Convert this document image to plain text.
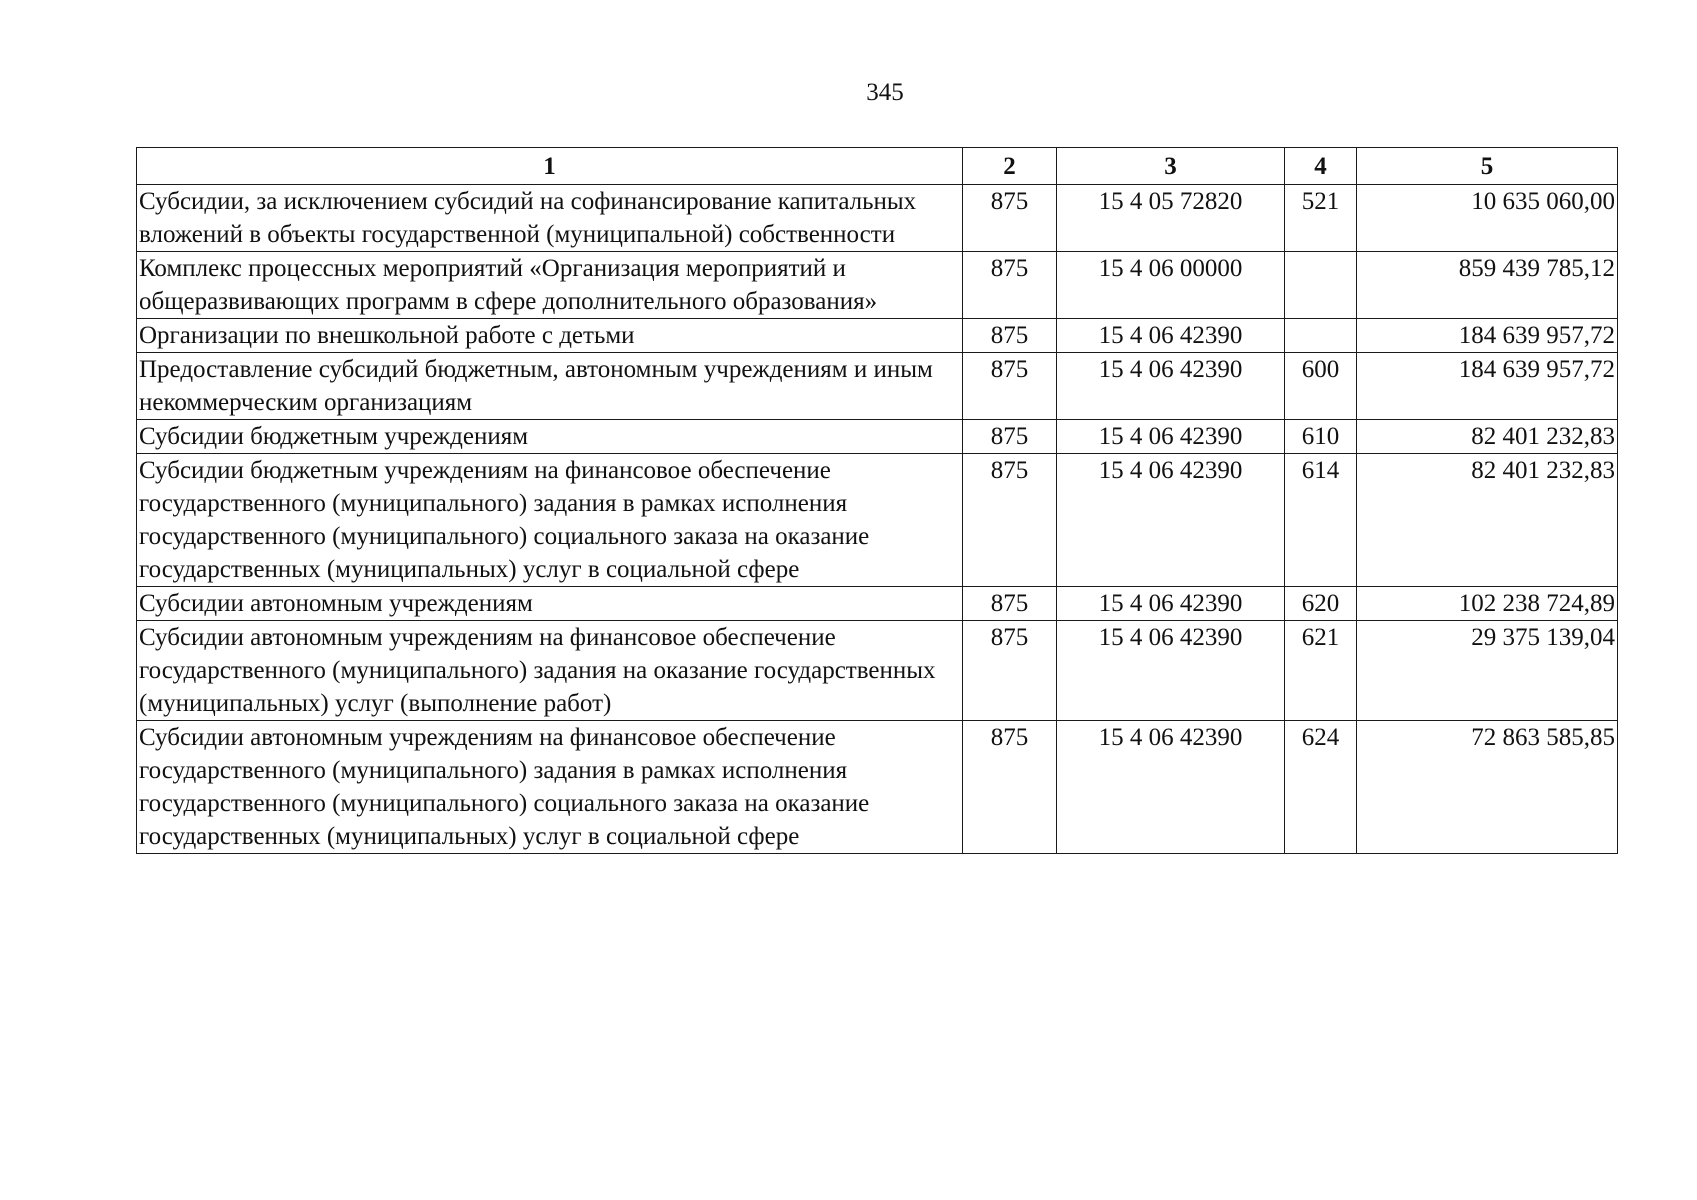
345
1	2	3	4	5
Субсидии, за исключением субсидий на софинансирование капитальных вложений в объекты государственной (муниципальной) собственности	875	15 4 05 72820	521	10 635 060,00
Комплекс процессных мероприятий «Организация мероприятий и общеразвивающих программ в сфере дополнительного образования»	875	15 4 06 00000		859 439 785,12
Организации по внешкольной работе с детьми	875	15 4 06 42390		184 639 957,72
Предоставление субсидий бюджетным, автономным учреждениям и иным некоммерческим организациям	875	15 4 06 42390	600	184 639 957,72
Субсидии бюджетным учреждениям	875	15 4 06 42390	610	82 401 232,83
Субсидии бюджетным учреждениям на финансовое обеспечение государственного (муниципального) задания в рамках исполнения государственного (муниципального) социального заказа на оказание государственных (муниципальных) услуг в социальной сфере	875	15 4 06 42390	614	82 401 232,83
Субсидии автономным учреждениям	875	15 4 06 42390	620	102 238 724,89
Субсидии автономным учреждениям на финансовое обеспечение государственного (муниципального) задания на оказание государственных (муниципальных) услуг (выполнение работ)	875	15 4 06 42390	621	29 375 139,04
Субсидии автономным учреждениям на финансовое обеспечение государственного (муниципального) задания в рамках исполнения государственного (муниципального) социального заказа на оказание государственных (муниципальных) услуг в социальной сфере	875	15 4 06 42390	624	72 863 585,85
